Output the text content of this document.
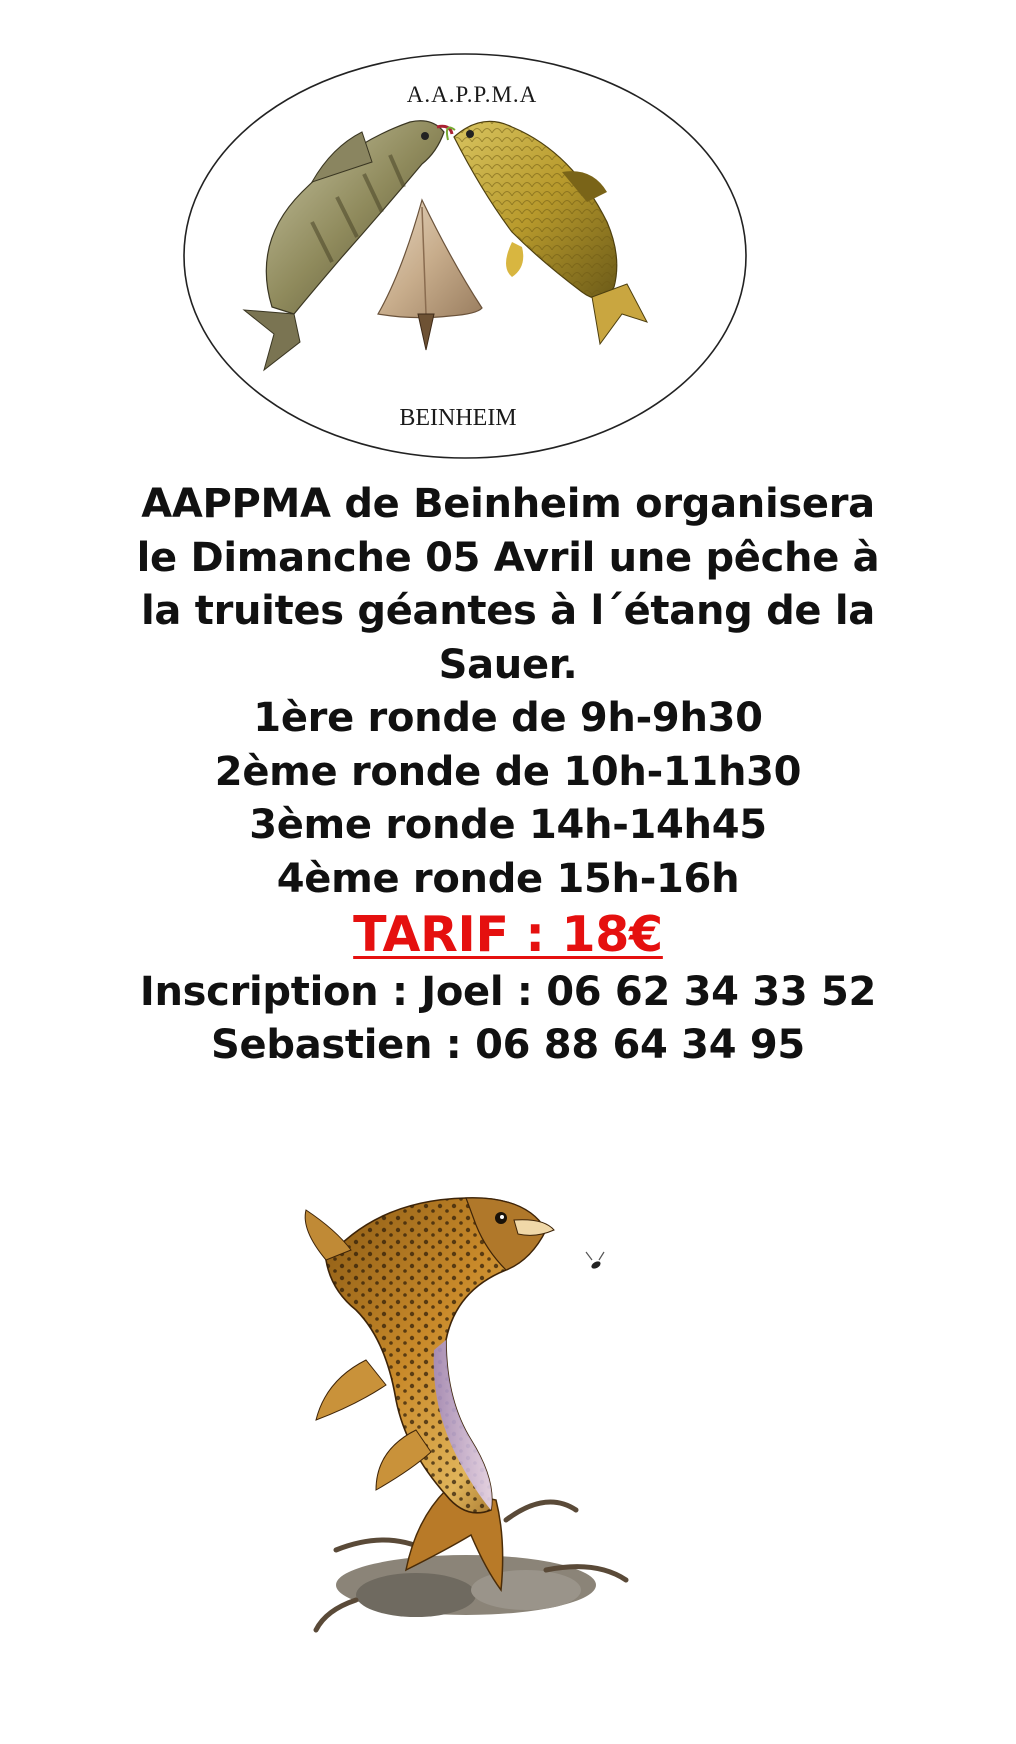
A.A.P.P.M.A
BEINHEIM
AAPPMA de Beinheim organisera
le Dimanche 05 Avril une pêche à
la truites géantes à l´étang de la
Sauer.
1ère ronde de 9h-9h30
2ème ronde de 10h-11h30
3ème ronde 14h-14h45
4ème ronde 15h-16h
TARIF : 18€
Inscription : Joel : 06 62 34 33 52
Sebastien : 06 88 64 34 95
